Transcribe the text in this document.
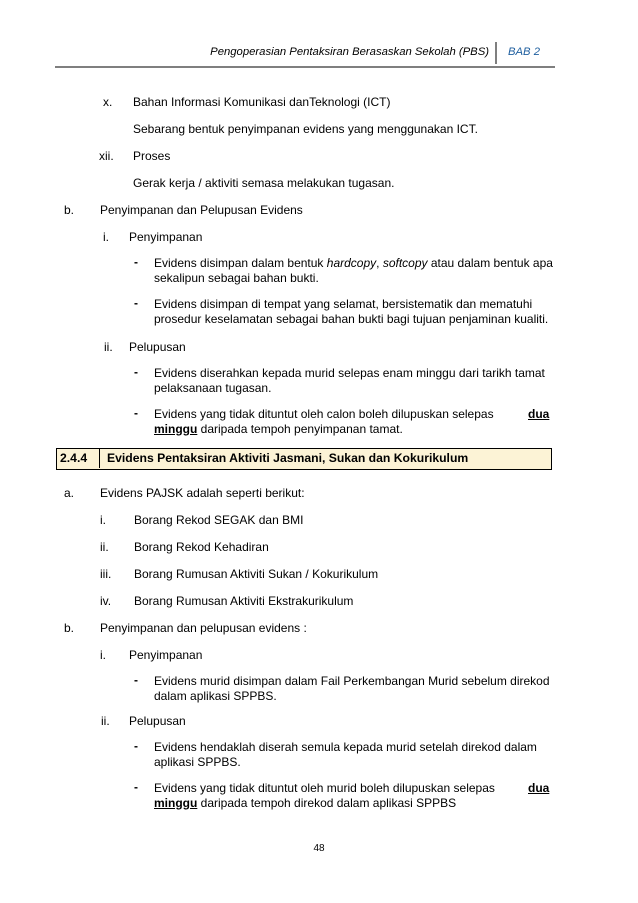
Pengoperasian Pentaksiran Berasaskan Sekolah (PBS) BAB 2
x. Bahan Informasi Komunikasi danTeknologi (ICT)
Sebarang bentuk penyimpanan evidens yang menggunakan ICT.
xii. Proses
Gerak kerja / aktiviti semasa melakukan tugasan.
b. Penyimpanan dan Pelupusan Evidens
i. Penyimpanan
- Evidens disimpan dalam bentuk hardcopy, softcopy atau dalam bentuk apa
sekalipun sebagai bahan bukti.
- Evidens disimpan di tempat yang selamat, bersistematik dan mematuhi
prosedur keselamatan sebagai bahan bukti bagi tujuan penjaminan kualiti.
ii. Pelupusan
- Evidens diserahkan kepada murid selepas enam minggu dari tarikh tamat
pelaksanaan tugasan.
- Evidens yang tidak dituntut oleh calon boleh dilupuskan selepas	dua
minggu daripada tempoh penyimpanan tamat.
2.4.4	Evidens Pentaksiran Aktiviti Jasmani, Sukan dan Kokurikulum
a. Evidens PAJSK adalah seperti berikut:
i. Borang Rekod SEGAK dan BMI
ii. Borang Rekod Kehadiran
iii. Borang Rumusan Aktiviti Sukan / Kokurikulum
iv. Borang Rumusan Aktiviti Ekstrakurikulum
b. Penyimpanan dan pelupusan evidens :
i. Penyimpanan
- Evidens murid disimpan dalam Fail Perkembangan Murid sebelum direkod
dalam aplikasi SPPBS.
ii. Pelupusan
- Evidens hendaklah diserah semula kepada murid setelah direkod dalam
aplikasi SPPBS.
- Evidens yang tidak dituntut oleh murid boleh dilupuskan selepas	dua
minggu daripada tempoh direkod dalam aplikasi SPPBS
48
